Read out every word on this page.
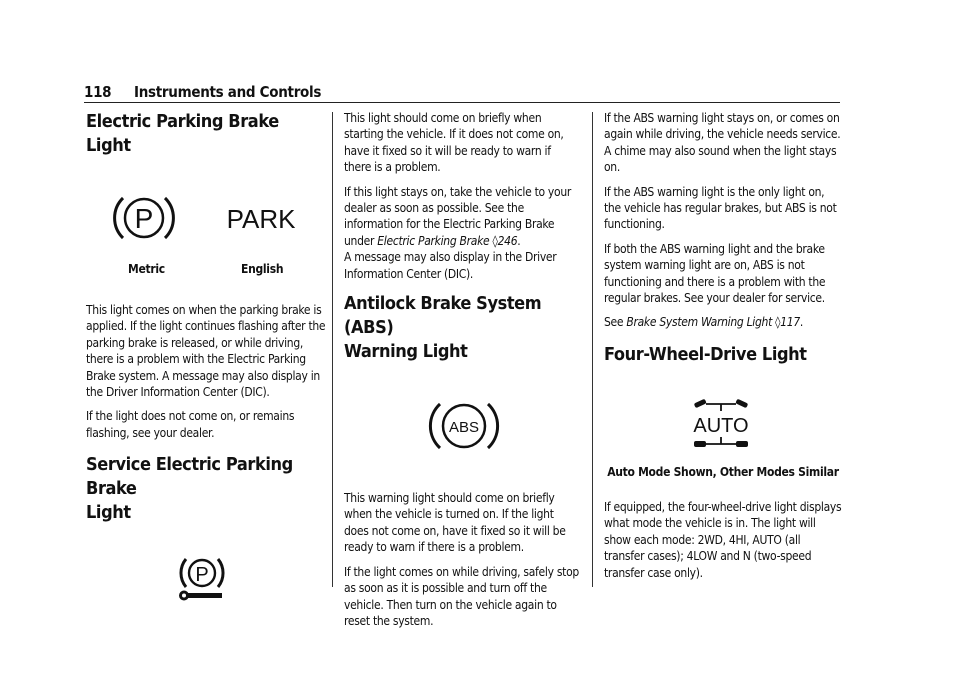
118 Instruments and Controls
Electric Parking Brake Light
P	PARK
Metric	English

This light comes on when the parking brake is applied. If the light continues flashing after the parking brake is released, or while driving, there is a problem with the Electric Parking Brake system. A message may also display in the Driver Information Center (DIC).

If the light does not come on, or remains flashing, see your dealer.

Service Electric Parking Brake
Light
P

This light should come on briefly when starting the vehicle. If it does not come on, have it fixed so it will be ready to warn if there is a problem.

If this light stays on, take the vehicle to your dealer as soon as possible. See the information for the Electric Parking Brake under Electric Parking Brake ◊246.

A message may also display in the Driver Information Center (DIC).

Antilock Brake System (ABS)
Warning Light
ABS

This warning light should come on briefly when the vehicle is turned on. If the light does not come on, have it fixed so it will be ready to warn if there is a problem.

If the light comes on while driving, safely stop as soon as it is possible and turn off the vehicle. Then turn on the vehicle again to reset the system.

If the ABS warning light stays on, or comes on again while driving, the vehicle needs service. A chime may also sound when the light stays on.

If the ABS warning light is the only light on, the vehicle has regular brakes, but ABS is not functioning.

If both the ABS warning light and the brake system warning light are on, ABS is not functioning and there is a problem with the regular brakes. See your dealer for service.

See Brake System Warning Light ◊117.

Four-Wheel-Drive Light
AUTO
Auto Mode Shown, Other Modes Similar

If equipped, the four-wheel-drive light displays what mode the vehicle is in. The light will show each mode: 2WD, 4HI, AUTO (all transfer cases); 4LOW and N (two-speed transfer case only).
